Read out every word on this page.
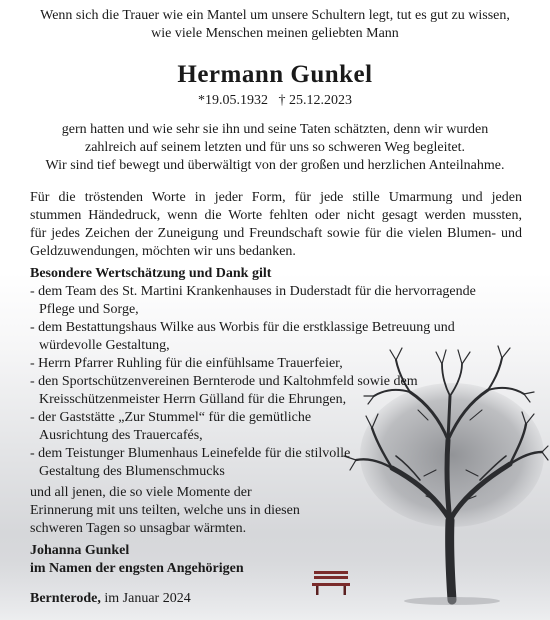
Wenn sich die Trauer wie ein Mantel um unsere Schultern legt, tut es gut zu wissen,
wie viele Menschen meinen geliebten Mann
Hermann Gunkel
*19.05.1932 † 25.12.2023
gern hatten und wie sehr sie ihn und seine Taten schätzten, denn wir wurden
zahlreich auf seinem letzten und für uns so schweren Weg begleitet.
Wir sind tief bewegt und überwältigt von der großen und herzlichen Anteilnahme.
Für die tröstenden Worte in jeder Form, für jede stille Umarmung und jeden
stummen Händedruck, wenn die Worte fehlten oder nicht gesagt werden mussten,
für jedes Zeichen der Zuneigung und Freundschaft sowie für die vielen Blumen- und
Geldzuwendungen, möchten wir uns bedanken.
Besondere Wertschätzung und Dank gilt
- dem Team des St. Martini Krankenhauses in Duderstadt für die hervorragende
Pflege und Sorge,
- dem Bestattungshaus Wilke aus Worbis für die erstklassige Betreuung und
würdevolle Gestaltung,
- Herrn Pfarrer Ruhling für die einfühlsame Trauerfeier,
- den Sportschützenvereinen Bernterode und Kaltohmfeld sowie dem
Kreisschützenmeister Herrn Gülland für die Ehrungen,
- der Gaststätte „Zur Stummel“ für die gemütliche
Ausrichtung des Trauercafés,
- dem Teistunger Blumenhaus Leinefelde für die stilvolle
Gestaltung des Blumenschmucks
und all jenen, die so viele Momente der
Erinnerung mit uns teilten, welche uns in diesen
schweren Tagen so unsagbar wärmten.
Johanna Gunkel
im Namen der engsten Angehörigen
Bernterode, im Januar 2024
